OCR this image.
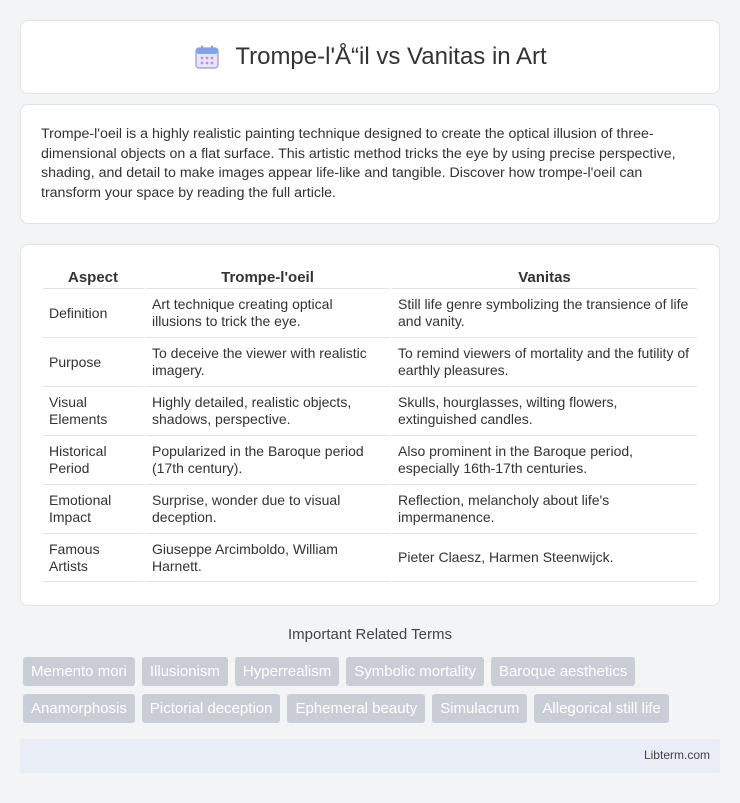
Trompe-l'Å“il vs Vanitas in Art

Trompe-l'oeil is a highly realistic painting technique designed to create the optical illusion of three-dimensional objects on a flat surface. This artistic method tricks the eye by using precise perspective, shading, and detail to make images appear life-like and tangible. Discover how trompe-l'oeil can transform your space by reading the full article.

Aspect	Trompe-l'oeil	Vanitas
Definition	Art technique creating optical illusions to trick the eye.	Still life genre symbolizing the transience of life and vanity.
Purpose	To deceive the viewer with realistic imagery.	To remind viewers of mortality and the futility of earthly pleasures.
Visual Elements	Highly detailed, realistic objects, shadows, perspective.	Skulls, hourglasses, wilting flowers, extinguished candles.
Historical Period	Popularized in the Baroque period (17th century).	Also prominent in the Baroque period, especially 16th-17th centuries.
Emotional Impact	Surprise, wonder due to visual deception.	Reflection, melancholy about life's impermanence.
Famous Artists	Giuseppe Arcimboldo, William Harnett.	Pieter Claesz, Harmen Steenwijck.
Important Related Terms
Memento mori	Illusionism	Hyperrealism	Symbolic mortality	Baroque aesthetics
Anamorphosis	Pictorial deception	Ephemeral beauty	Simulacrum	Allegorical still life
Libterm.com
